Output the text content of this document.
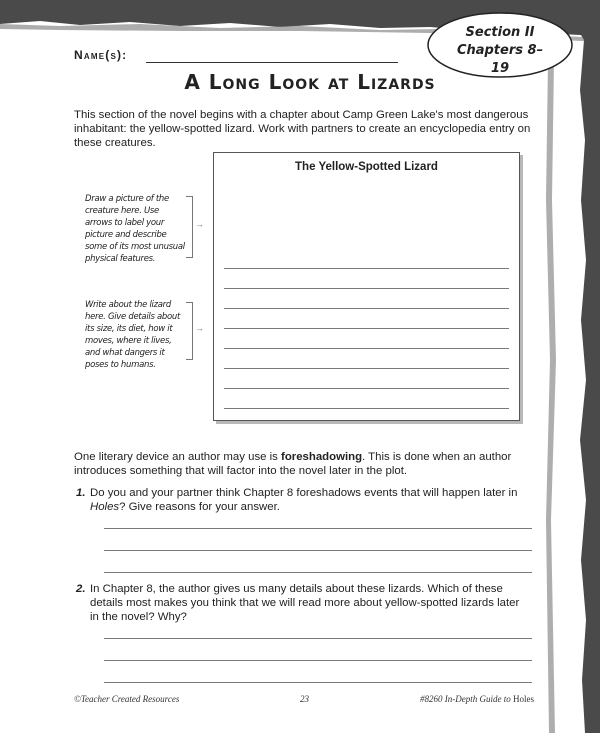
Name(s):
Section II
Chapters 8–19
A Long Look at Lizards
This section of the novel begins with a chapter about Camp Green Lake's most dangerous inhabitant: the yellow-spotted lizard. Work with partners to create an encyclopedia entry on these creatures.
Draw a picture of the creature here. Use arrows to label your picture and describe some of its most unusual physical features.
→
Write about the lizard here. Give details about its size, its diet, how it moves, where it lives, and what dangers it poses to humans.
→
The Yellow-Spotted Lizard
One literary device an author may use is foreshadowing. This is done when an author introduces something that will factor into the novel later in the plot.
1. Do you and your partner think Chapter 8 foreshadows events that will happen later in Holes? Give reasons for your answer.
2. In Chapter 8, the author gives us many details about these lizards. Which of these details most makes you think that we will read more about yellow-spotted lizards later in the novel? Why?
©Teacher Created Resources	23	#8260 In-Depth Guide to Holes
